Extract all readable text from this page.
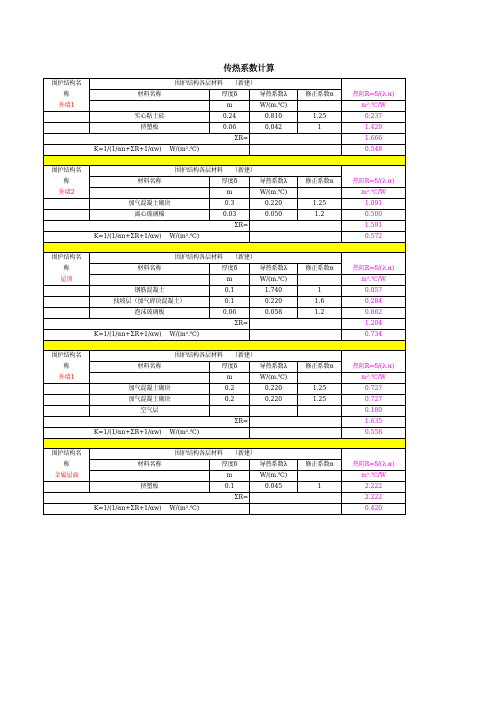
传热系数计算
围护结构名	围护结构各层材料　　（新建）				
称	材料名称	厚度δ	导热系数λ	修正系数α	热阻R=δ/(λ.α)
外墙1		m	W/(m.℃)		m².℃/W
	实心粘土砖	0.24	0.810	1.25	0.237
	挤塑板	0.06	0.042	1	1.429
ΣR=					1.666
K=1/(1/αn+ΣR+1/αw) W/(m².℃)					0.548

围护结构名	围护结构各层材料　　（新建）				
称	材料名称	厚度δ	导热系数λ	修正系数α	热阻R=δ/(λ.α)
外墙2		m	W/(m.℃)		m².℃/W
	加气混凝土砌块	0.3	0.220	1.25	1.091
	离心玻璃棉	0.03	0.050	1.2	0.500
ΣR=					1.591
K=1/(1/αn+ΣR+1/αw) W/(m².℃)					0.572

围护结构名	围护结构各层材料　　（新建）				
称	材料名称	厚度δ	导热系数λ	修正系数α	热阻R=δ/(λ.α)
屋顶		m	W/(m.℃)		m².℃/W
	钢筋混凝土	0.1	1.740	1	0.057
	找坡层（加气碎块混凝土）	0.1	0.220	1.6	0.284
	泡沫玻璃板	0.06	0.058	1.2	0.862
ΣR=					1.204
K=1/(1/αn+ΣR+1/αw) W/(m².℃)					0.734

围护结构名	围护结构各层材料　　（新建）				
称	材料名称	厚度δ	导热系数λ	修正系数α	热阻R=δ/(λ.α)
外墙1		m	W/(m.℃)		m².℃/W
	加气混凝土砌块	0.2	0.220	1.25	0.727
	加气混凝土砌块	0.2	0.220	1.25	0.727
	空气层				0.180
ΣR=					1.635
K=1/(1/αn+ΣR+1/αw) W/(m².℃)					0.558

围护结构名	围护结构各层材料　　（新建）				
称	材料名称	厚度δ	导热系数λ	修正系数α	热阻R=δ/(λ.α)
金属屋面		m	W/(m.℃)		m².℃/W
	挤塑板	0.1	0.045	1	2.222
ΣR=					2.222
K=1/(1/αn+ΣR+1/αw) W/(m².℃)					0.420
